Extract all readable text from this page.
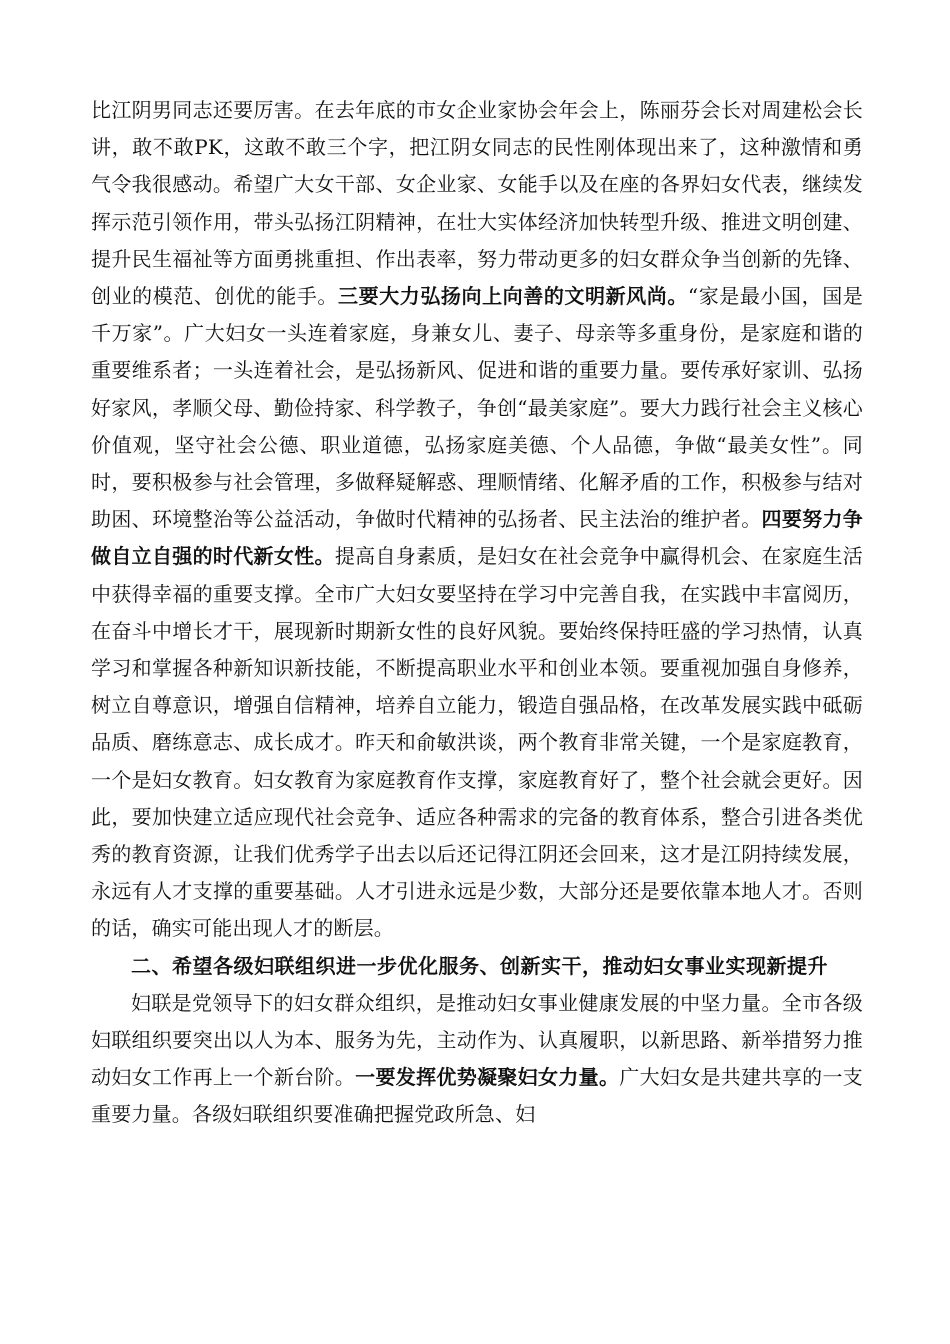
比江阴男同志还要厉害。在去年底的市女企业家协会年会上，陈丽芬会长对周建松会长讲，敢不敢PK，这敢不敢三个字，把江阴女同志的民性刚体现出来了，这种激情和勇气令我很感动。希望广大女干部、女企业家、女能手以及在座的各界妇女代表，继续发挥示范引领作用，带头弘扬江阴精神，在壮大实体经济加快转型升级、推进文明创建、提升民生福祉等方面勇挑重担、作出表率，努力带动更多的妇女群众争当创新的先锋、创业的模范、创优的能手。三要大力弘扬向上向善的文明新风尚。“家是最小国，国是千万家”。广大妇女一头连着家庭，身兼女儿、妻子、母亲等多重身份，是家庭和谐的重要维系者；一头连着社会，是弘扬新风、促进和谐的重要力量。要传承好家训、弘扬好家风，孝顺父母、勤俭持家、科学教子，争创“最美家庭”。要大力践行社会主义核心价值观，坚守社会公德、职业道德，弘扬家庭美德、个人品德，争做“最美女性”。同时，要积极参与社会管理，多做释疑解惑、理顺情绪、化解矛盾的工作，积极参与结对助困、环境整治等公益活动，争做时代精神的弘扬者、民主法治的维护者。四要努力争做自立自强的时代新女性。提高自身素质，是妇女在社会竞争中赢得机会、在家庭生活中获得幸福的重要支撑。全市广大妇女要坚持在学习中完善自我，在实践中丰富阅历，在奋斗中增长才干，展现新时期新女性的良好风貌。要始终保持旺盛的学习热情，认真学习和掌握各种新知识新技能，不断提高职业水平和创业本领。要重视加强自身修养，树立自尊意识，增强自信精神，培养自立能力，锻造自强品格，在改革发展实践中砥砺品质、磨练意志、成长成才。昨天和俞敏洪谈，两个教育非常关键，一个是家庭教育，一个是妇女教育。妇女教育为家庭教育作支撑，家庭教育好了，整个社会就会更好。因此，要加快建立适应现代社会竞争、适应各种需求的完备的教育体系，整合引进各类优秀的教育资源，让我们优秀学子出去以后还记得江阴还会回来，这才是江阴持续发展，永远有人才支撑的重要基础。人才引进永远是少数，大部分还是要依靠本地人才。否则的话，确实可能出现人才的断层。

二、希望各级妇联组织进一步优化服务、创新实干，推动妇女事业实现新提升

妇联是党领导下的妇女群众组织，是推动妇女事业健康发展的中坚力量。全市各级妇联组织要突出以人为本、服务为先，主动作为、认真履职，以新思路、新举措努力推动妇女工作再上一个新台阶。一要发挥优势凝聚妇女力量。广大妇女是共建共享的一支重要力量。各级妇联组织要准确把握党政所急、妇
